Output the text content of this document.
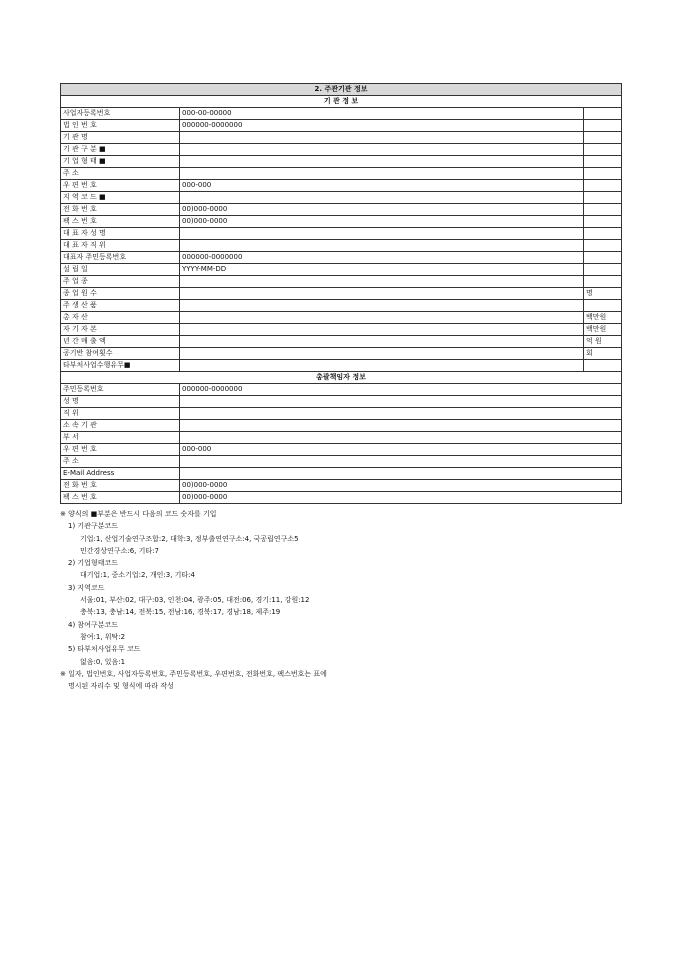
2. 주관기관 정보		
기 관 정 보		
사업자등록번호	000-00-00000	
법 인 번 호	000000-0000000	
기 관 명		
기 관 구 분 ■		
기 업 형 태 ■		
주 소		
우 편 번 호	000-000	
지 역 코 드 ■		
전 화 번 호	00)000-0000	
팩 스 번 호	00)000-0000	
대 표 자 성 명		
대 표 자 직 위		
대표자 주민등록번호	000000-0000000	
설 립 일	YYYY-MM-DD	
주 업 종		
종 업 원 수		명
주 생 산 품		
총 자 산		백만원
자 기 자 본		백만원
년 간 매 출 액		억 원
공기반 참여횟수		회
타부처사업수행유무■		
총괄책임자 정보		
주민등록번호	000000-0000000	
성 명		
직 위		
소 속 기 관		
부 서		
우 편 번 호	000-000	
주 소		
E-Mail Address		
전 화 번 호	00)000-0000	
팩 스 번 호	00)000-0000	
※ 양식의 ■부분은 반드시 다음의 코드 숫자를 기입
1) 기관구분코드
기업:1, 산업기술연구조합:2, 대학:3, 정부출연연구소:4, 국공립연구소5
민간경상연구소:6, 기타:7
2) 기업형태코드
대기업:1, 중소기업:2, 개인:3, 기타:4
3) 지역코드
서울:01, 부산:02, 대구:03, 인천:04, 광주:05, 대전:06, 경기:11, 강원:12
충북:13, 충남:14, 전북:15, 전남:16, 경북:17, 경남:18, 제주:19
4) 참여구분코드
참여:1, 위탁:2
5) 타부처사업유무 코드
없음:0, 있음:1
※ 일자, 법인번호, 사업자등록번호, 주민등록번호, 우편번호, 전화번호, 팩스번호는 표에
명시된 자리수 및 형식에 따라 작성
